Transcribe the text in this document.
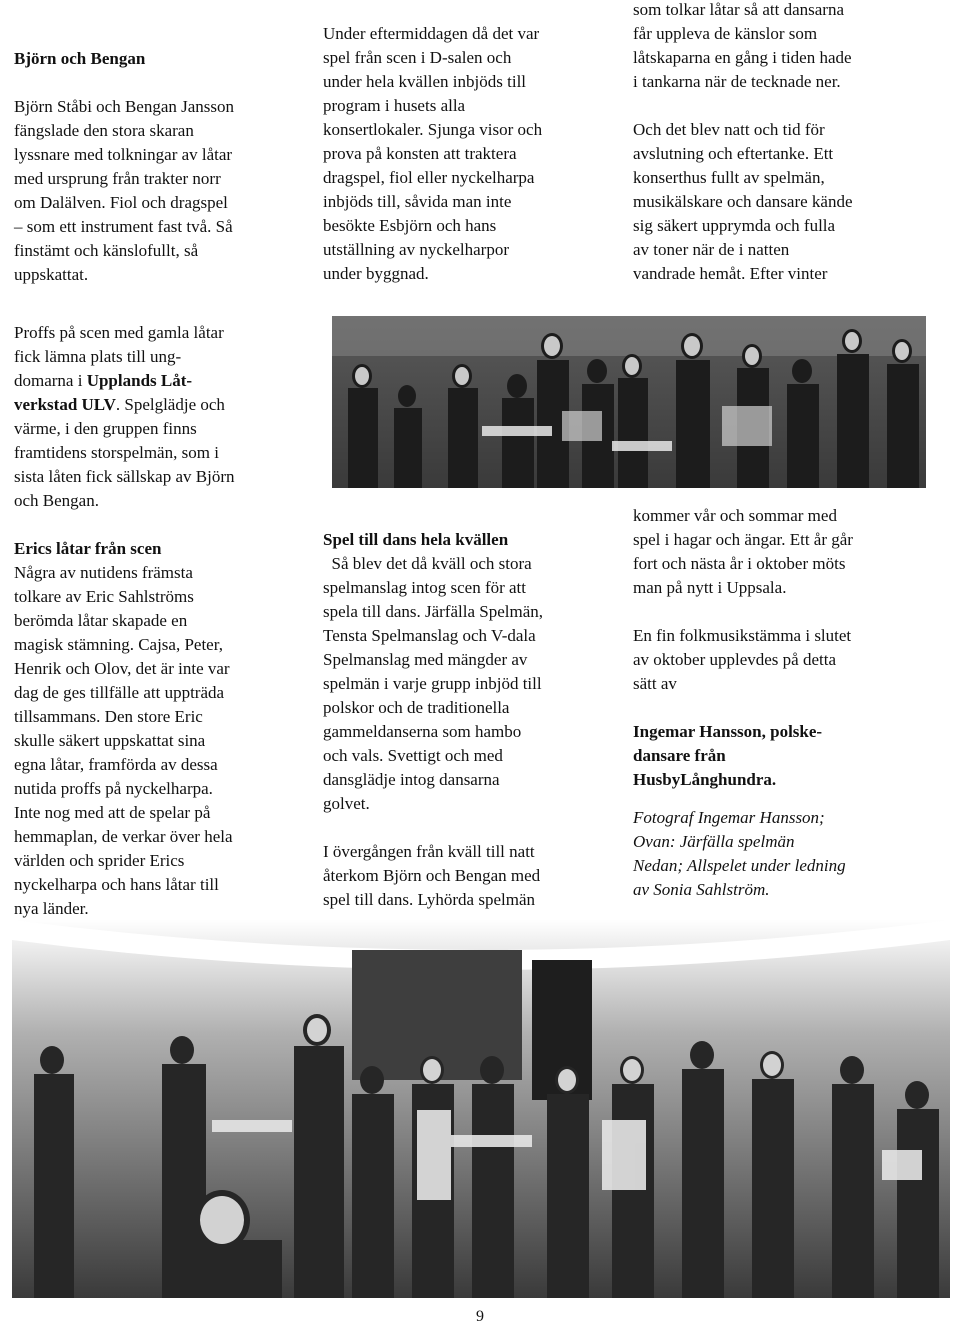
Björn och Bengan

Björn Ståbi och Bengan Jansson
fängslade den stora skaran
lyssnare med tolkningar av låtar
med ursprung från trakter norr
om Dalälven. Fiol och dragspel
– som ett instrument fast två. Så
finstämt och känslofullt, så
uppskattat.
Proffs på scen med gamla låtar
fick lämna plats till ung-
domarna i Upplands Låt-
verkstad ULV. Spelglädje och
värme, i den gruppen finns
framtidens storspelmän, som i
sista låten fick sällskap av Björn
och Bengan.
Erics låtar från scen
Några av nutidens främsta
tolkare av Eric Sahlströms
berömda låtar skapade en
magisk stämning. Cajsa, Peter,
Henrik och Olov, det är inte var
dag de ges tillfälle att uppträda
tillsammans. Den store Eric
skulle säkert uppskattat sina
egna låtar, framförda av dessa
nutida proffs på nyckelharpa.
Inte nog med att de spelar på
hemmaplan, de verkar över hela
världen och sprider Erics
nyckelharpa och hans låtar till
nya länder.
Under eftermiddagen då det var
spel från scen i D-salen och
under hela kvällen inbjöds till
program i husets alla
konsertlokaler. Sjunga visor och
prova på konsten att traktera
dragspel, fiol eller nyckelharpa
inbjöds till, såvida man inte
besökte Esbjörn och hans
utställning av nyckelharpor
under byggnad.
Spel till dans hela kvällen
Så blev det då kväll och stora
spelmanslag intog scen för att
spela till dans. Järfälla Spelmän,
Tensta Spelmanslag och V-dala
Spelmanslag med mängder av
spelmän i varje grupp inbjöd till
polskor och de traditionella
gammeldanserna som hambo
och vals. Svettigt och med
dansglädje intog dansarna
golvet.
I övergången från kväll till natt
återkom Björn och Bengan med
spel till dans. Lyhörda spelmän
som tolkar låtar så att dansarna
får uppleva de känslor som
låtskaparna en gång i tiden hade
i tankarna när de tecknade ner.
Och det blev natt och tid för
avslutning och eftertanke. Ett
konserthus fullt av spelmän,
musikälskare och dansare kände
sig säkert upprymda och fulla
av toner när de i natten
vandrade hemåt. Efter vinter
kommer vår och sommar med
spel i hagar och ängar. Ett år går
fort och nästa år i oktober möts
man på nytt i Uppsala.
En fin folkmusikstämma i slutet
av oktober upplevdes på detta
sätt av
Ingemar Hansson, polske-
dansare från
HusbyLånghundra.
Fotograf Ingemar Hansson;
Ovan: Järfälla spelmän
Nedan; Allspelet under ledning
av Sonia Sahlström.
9
